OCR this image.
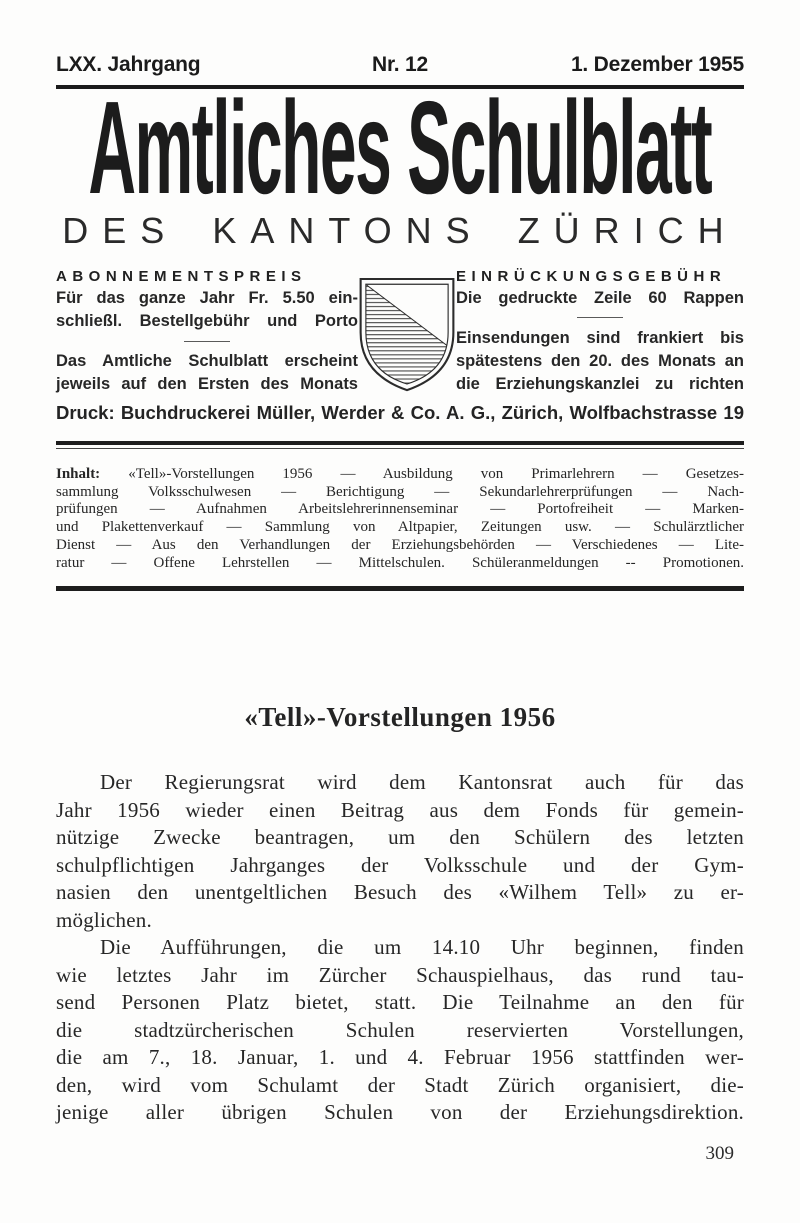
LXX. Jahrgang	Nr. 12	1. Dezember 1955
Amtliches Schulblatt
DES KANTONS ZÜRICH
ABONNEMENTSPREIS
Für das ganze Jahr Fr. 5.50 ein-
schließl. Bestellgebühr und Porto
Das Amtliche Schulblatt erscheint
jeweils auf den Ersten des Monats
EINRÜCKUNGSGEBÜHR
Die gedruckte Zeile 60 Rappen
Einsendungen sind frankiert bis
spätestens den 20. des Monats an
die Erziehungskanzlei zu richten
Druck: Buchdruckerei Müller, Werder & Co. A. G., Zürich, Wolfbachstrasse 19
Inhalt: «Tell»-Vorstellungen 1956 — Ausbildung von Primarlehrern — Gesetzes-
sammlung Volksschulwesen — Berichtigung — Sekundarlehrerprüfungen — Nach-
prüfungen — Aufnahmen Arbeitslehrerinnenseminar — Portofreiheit — Marken-
und Plakettenverkauf — Sammlung von Altpapier, Zeitungen usw. — Schulärztlicher
Dienst — Aus den Verhandlungen der Erziehungsbehörden — Verschiedenes — Lite-
ratur — Offene Lehrstellen — Mittelschulen. Schüleranmeldungen -- Promotionen.
«Tell»-Vorstellungen 1956
Der Regierungsrat wird dem Kantonsrat auch für das
Jahr 1956 wieder einen Beitrag aus dem Fonds für gemein-
nützige Zwecke beantragen, um den Schülern des letzten
schulpflichtigen Jahrganges der Volksschule und der Gym-
nasien den unentgeltlichen Besuch des «Wilhem Tell» zu er-
möglichen.
Die Aufführungen, die um 14.10 Uhr beginnen, finden
wie letztes Jahr im Zürcher Schauspielhaus, das rund tau-
send Personen Platz bietet, statt. Die Teilnahme an den für
die stadtzürcherischen Schulen reservierten Vorstellungen,
die am 7., 18. Januar, 1. und 4. Februar 1956 stattfinden wer-
den, wird vom Schulamt der Stadt Zürich organisiert, die-
jenige aller übrigen Schulen von der Erziehungsdirektion.
309
